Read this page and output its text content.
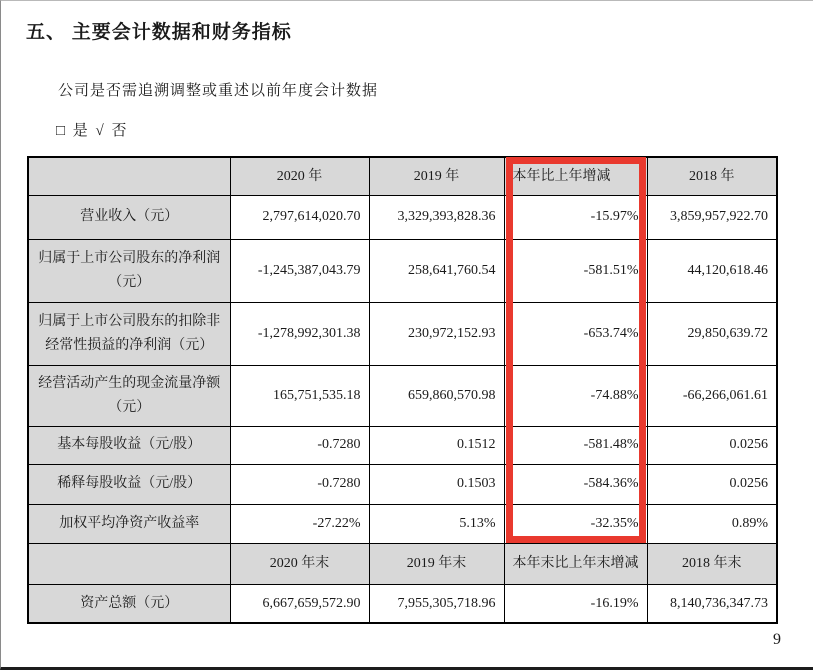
五、 主要会计数据和财务指标
公司是否需追溯调整或重述以前年度会计数据
□ 是 √ 否
	2020 年	2019 年	本年比上年增减	2018 年
营业收入（元）	2,797,614,020.70	3,329,393,828.36	-15.97%	3,859,957,922.70
归属于上市公司股东的净利润（元）	-1,245,387,043.79	258,641,760.54	-581.51%	44,120,618.46
归属于上市公司股东的扣除非经常性损益的净利润（元）	-1,278,992,301.38	230,972,152.93	-653.74%	29,850,639.72
经营活动产生的现金流量净额（元）	165,751,535.18	659,860,570.98	-74.88%	-66,266,061.61
基本每股收益（元/股）	-0.7280	0.1512	-581.48%	0.0256
稀释每股收益（元/股）	-0.7280	0.1503	-584.36%	0.0256
加权平均净资产收益率	-27.22%	5.13%	-32.35%	0.89%
	2020 年末	2019 年末	本年末比上年末增减	2018 年末
资产总额（元）	6,667,659,572.90	7,955,305,718.96	-16.19%	8,140,736,347.73
9
